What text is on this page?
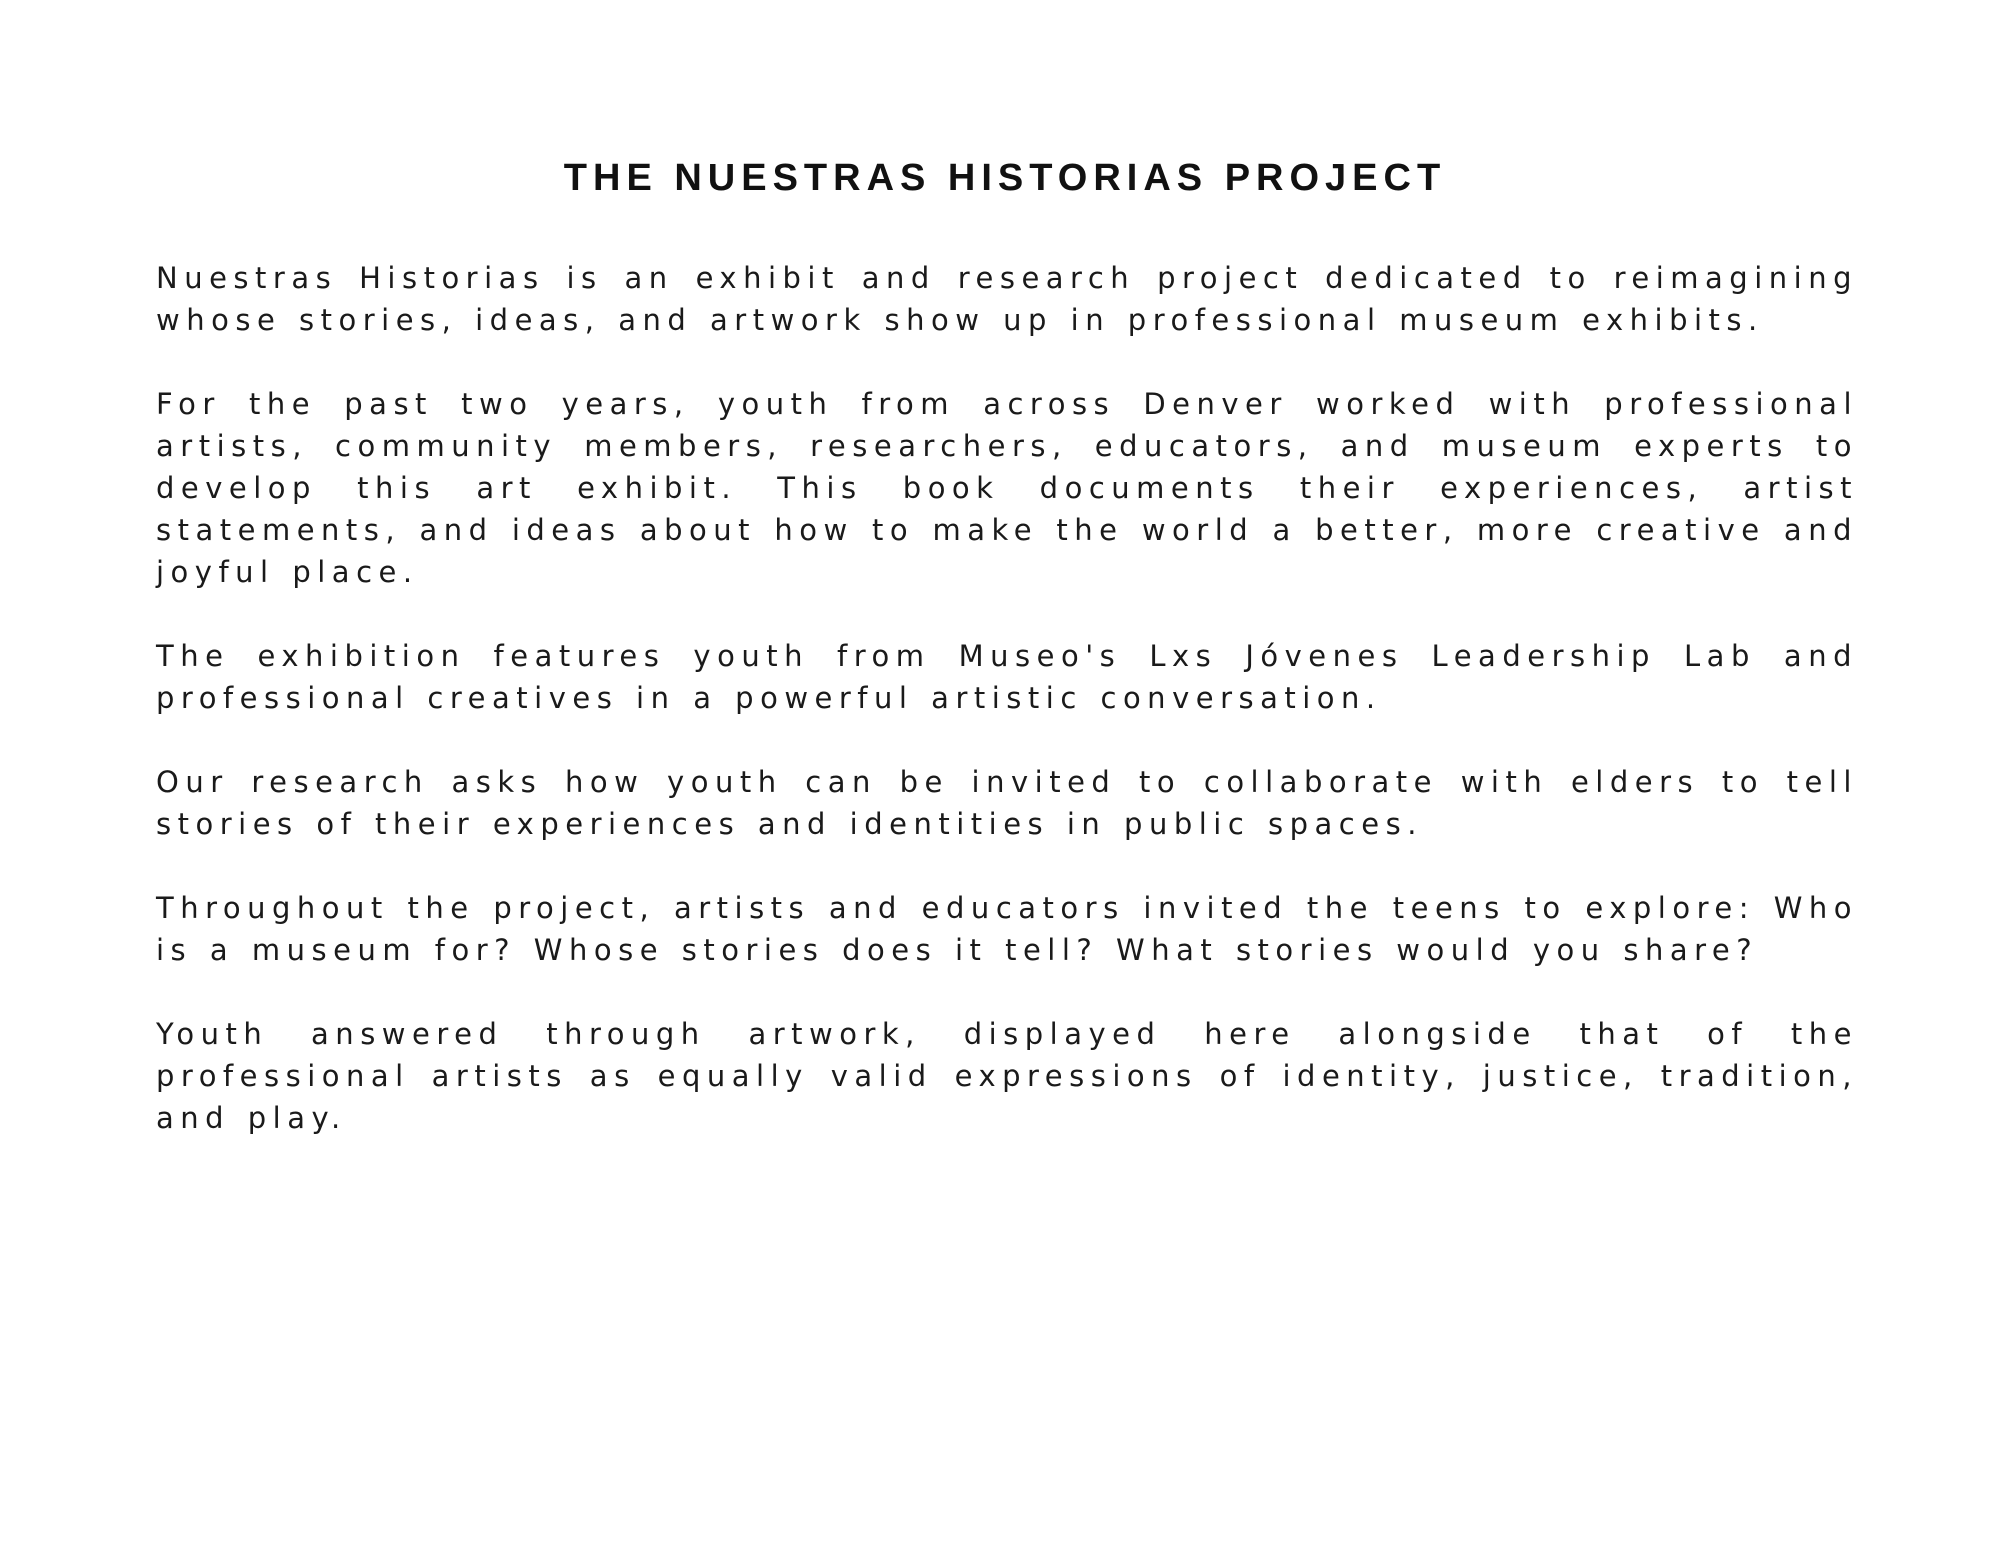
THE NUESTRAS HISTORIAS PROJECT

Nuestras Historias is an exhibit and research project dedicated to reimagining whose stories, ideas, and artwork show up in professional museum exhibits.

For the past two years, youth from across Denver worked with professional artists, community members, researchers, educators, and museum experts to develop this art exhibit. This book documents their experiences, artist statements, and ideas about how to make the world a better, more creative and joyful place.

The exhibition features youth from Museo's Lxs Jóvenes Leadership Lab and professional creatives in a powerful artistic conversation.

Our research asks how youth can be invited to collaborate with elders to tell stories of their experiences and identities in public spaces.

Throughout the project, artists and educators invited the teens to explore: Who is a museum for? Whose stories does it tell? What stories would you share?

Youth answered through artwork, displayed here alongside that of the professional artists as equally valid expressions of identity, justice, tradition, and play.
